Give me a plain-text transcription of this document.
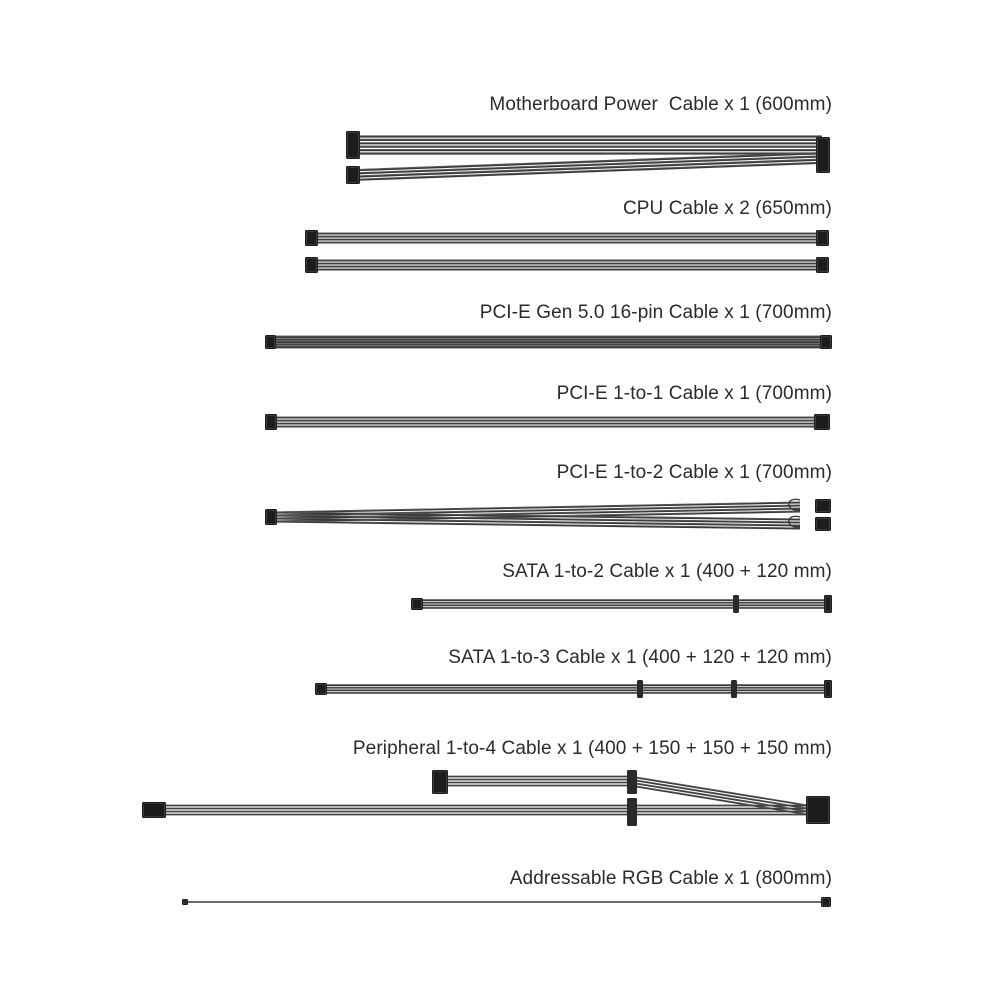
Motherboard Power  Cable x 1 (600mm)
CPU Cable x 2 (650mm)
PCI-E Gen 5.0 16-pin Cable x 1 (700mm)
PCI-E 1-to-1 Cable x 1 (700mm)
PCI-E 1-to-2 Cable x 1 (700mm)
SATA 1-to-2 Cable x 1 (400 + 120 mm)
SATA 1-to-3 Cable x 1 (400 + 120 + 120 mm)
Peripheral 1-to-4 Cable x 1 (400 + 150 + 150 + 150 mm)
Addressable RGB Cable x 1 (800mm)
